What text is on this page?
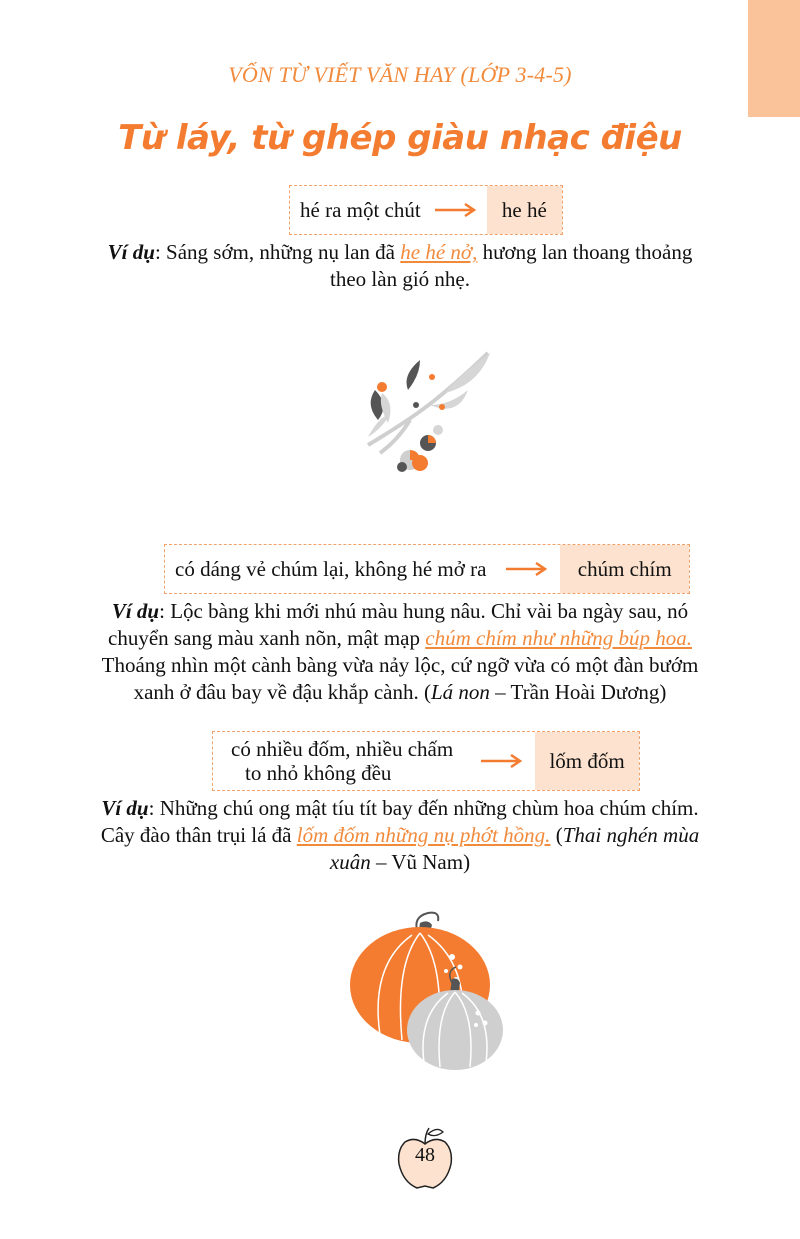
VỐN TỪ VIẾT VĂN HAY (LỚP 3-4-5)
Từ láy, từ ghép giàu nhạc điệu
hé ra một chút	he hé
Ví dụ: Sáng sớm, những nụ lan đã he hé nở, hương lan thoang thoảng
theo làn gió nhẹ.
có dáng vẻ chúm lại, không hé mở ra	chúm chím
Ví dụ: Lộc bàng khi mới nhú màu hung nâu. Chỉ vài ba ngày sau, nó
chuyển sang màu xanh nõn, mật mạp chúm chím như những búp hoa.
Thoáng nhìn một cành bàng vừa nảy lộc, cứ ngỡ vừa có một đàn bướm
xanh ở đâu bay về đậu khắp cành. (Lá non – Trần Hoài Dương)
có nhiều đốm, nhiều chấm
to nhỏ không đều
lốm đốm
Ví dụ: Những chú ong mật tíu tít bay đến những chùm hoa chúm chím.
Cây đào thân trụi lá đã lốm đốm những nụ phớt hồng. (Thai nghén mùa
xuân – Vũ Nam)
48
